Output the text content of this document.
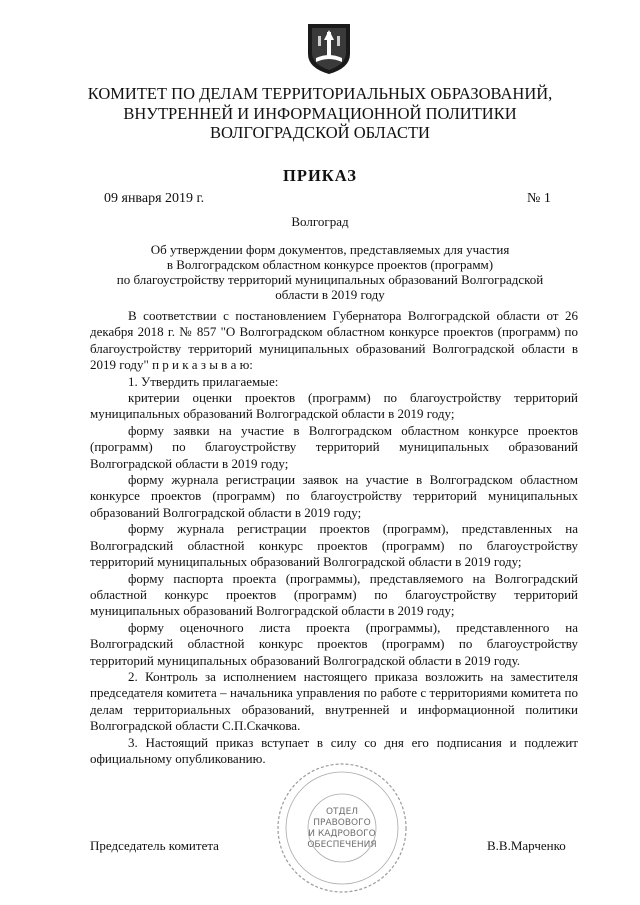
КОМИТЕТ ПО ДЕЛАМ ТЕРРИТОРИАЛЬНЫХ ОБРАЗОВАНИЙ,
ВНУТРЕННЕЙ И ИНФОРМАЦИОННОЙ ПОЛИТИКИ
ВОЛГОГРАДСКОЙ ОБЛАСТИ
ПРИКАЗ
09 января 2019 г.	№ 1
Волгоград
Об утверждении форм документов, представляемых для участия
в Волгоградском областном конкурсе проектов (программ)
по благоустройству территорий муниципальных образований Волгоградской
области в 2019 году
В соответствии с постановлением Губернатора Волгоградской области от 26 декабря 2018 г. № 857 "О Волгоградском областном конкурсе проектов (программ) по благоустройству территорий муниципальных образований Волгоградской области в 2019 году" п р и к а з ы в а ю:
1. Утвердить прилагаемые:
критерии оценки проектов (программ) по благоустройству территорий муниципальных образований Волгоградской области в 2019 году;
форму заявки на участие в Волгоградском областном конкурсе проектов (программ) по благоустройству территорий муниципальных образований Волгоградской области в 2019 году;
форму журнала регистрации заявок на участие в Волгоградском областном конкурсе проектов (программ) по благоустройству территорий муниципальных образований Волгоградской области в 2019 году;
форму журнала регистрации проектов (программ), представленных на Волгоградский областной конкурс проектов (программ) по благоустройству территорий муниципальных образований Волгоградской области в 2019 году;
форму паспорта проекта (программы), представляемого на Волгоградский областной конкурс проектов (программ) по благоустройству территорий муниципальных образований Волгоградской области в 2019 году;
форму оценочного листа проекта (программы), представленного на Волгоградский областной конкурс проектов (программ) по благоустройству территорий муниципальных образований Волгоградской области в 2019 году.
2. Контроль за исполнением настоящего приказа возложить на заместителя председателя комитета – начальника управления по работе с территориями комитета по делам территориальных образований, внутренней и информационной политики Волгоградской области С.П.Скачкова.
3. Настоящий приказ вступает в силу со дня его подписания и подлежит официальному опубликованию.
ОТДЕЛ
ПРАВОВОГО
И КАДРОВОГО
ОБЕСПЕЧЕНИЯ
Председатель комитета	В.В.Марченко
